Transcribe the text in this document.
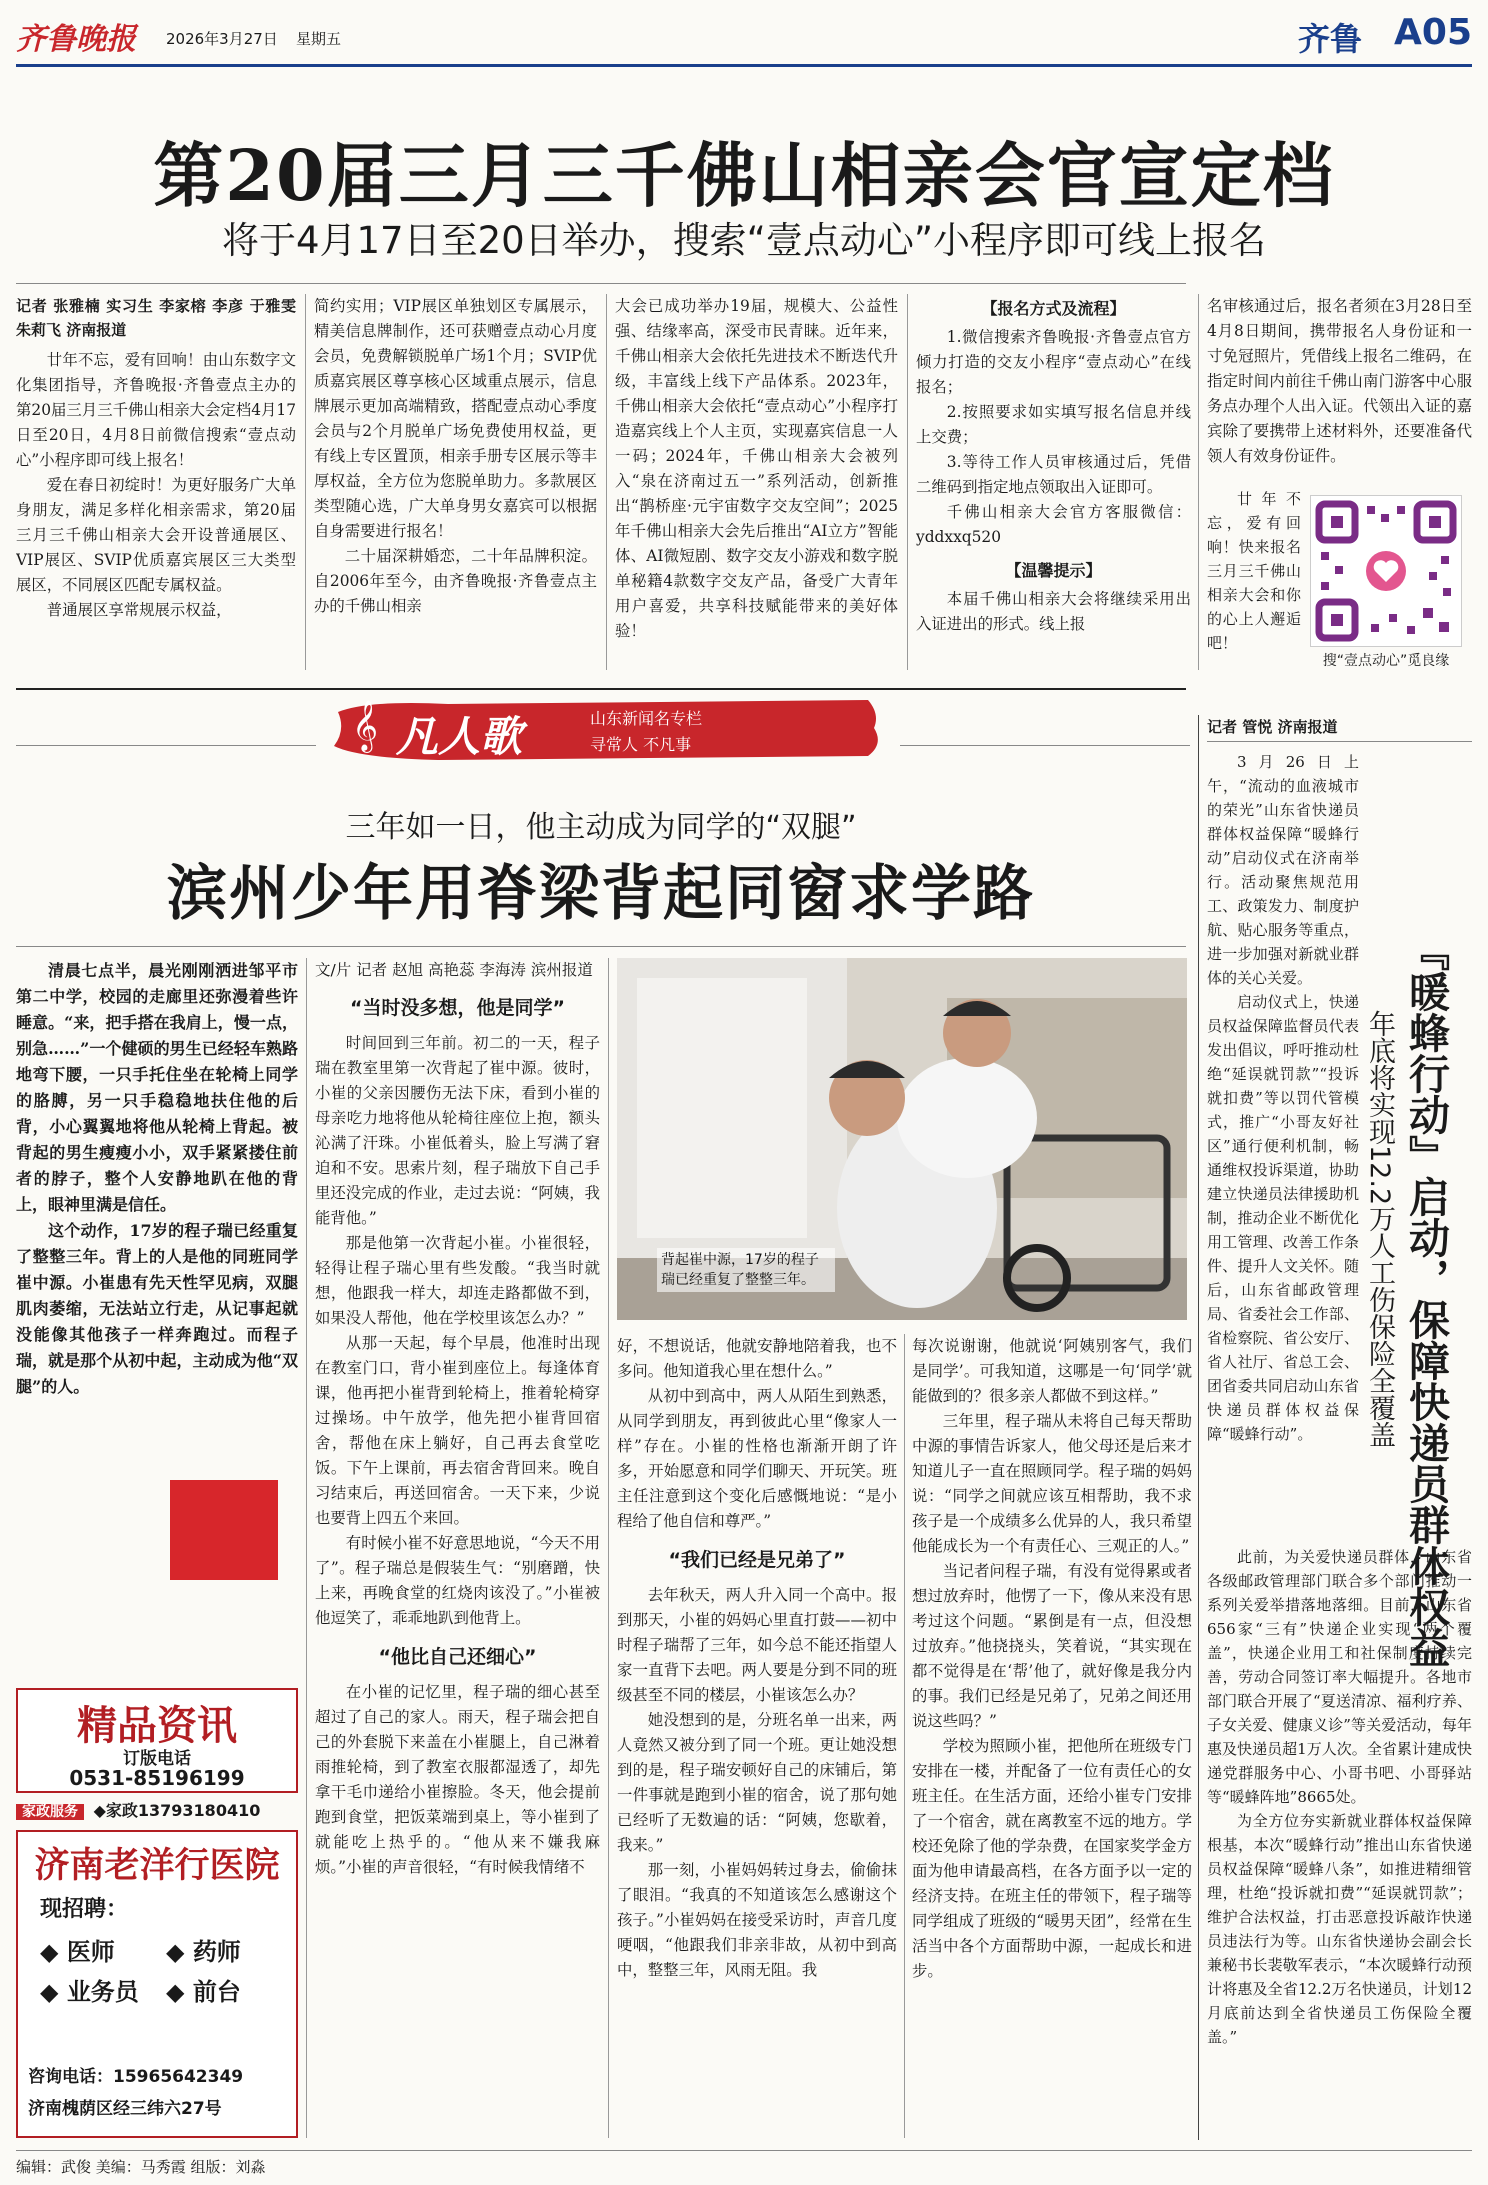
齐鲁晚报 2026年3月27日 星期五	齐鲁 A05
第20届三月三千佛山相亲会官宣定档
将于4月17日至20日举办，搜索“壹点动心”小程序即可线上报名

记者 张雅楠 实习生 李家榕 李彦 于雅雯 朱莉飞 济南报道

廿年不忘，爱有回响！由山东数字文化集团指导，齐鲁晚报·齐鲁壹点主办的第20届三月三千佛山相亲大会定档4月17日至20日，4月8日前微信搜索“壹点动心”小程序即可线上报名！

爱在春日初绽时！为更好服务广大单身朋友，满足多样化相亲需求，第20届三月三千佛山相亲大会开设普通展区、VIP展区、SVIP优质嘉宾展区三大类型展区，不同展区匹配专属权益。

普通展区享常规展示权益，

简约实用；VIP展区单独划区专属展示，精美信息牌制作，还可获赠壹点动心月度会员，免费解锁脱单广场1个月；SVIP优质嘉宾展区尊享核心区域重点展示，信息牌展示更加高端精致，搭配壹点动心季度会员与2个月脱单广场免费使用权益，更有线上专区置顶，相亲手册专区展示等丰厚权益，全方位为您脱单助力。多款展区类型随心选，广大单身男女嘉宾可以根据自身需要进行报名！

二十届深耕婚恋，二十年品牌积淀。自2006年至今，由齐鲁晚报·齐鲁壹点主办的千佛山相亲

大会已成功举办19届，规模大、公益性强、结缘率高，深受市民青睐。近年来，千佛山相亲大会依托先进技术不断迭代升级，丰富线上线下产品体系。2023年，千佛山相亲大会依托“壹点动心”小程序打造嘉宾线上个人主页，实现嘉宾信息一人一码；2024年，千佛山相亲大会被列入“泉在济南过五一”系列活动，创新推出“鹊桥座·元宇宙数字交友空间”；2025年千佛山相亲大会先后推出“AI立方”智能体、AI微短剧、数字交友小游戏和数字脱单秘籍4款数字交友产品，备受广大青年用户喜爱，共享科技赋能带来的美好体验！

【报名方式及流程】

1.微信搜索齐鲁晚报·齐鲁壹点官方倾力打造的交友小程序“壹点动心”在线报名；

2.按照要求如实填写报名信息并线上交费；

3.等待工作人员审核通过后，凭借二维码到指定地点领取出入证即可。

千佛山相亲大会官方客服微信：yddxxq520

【温馨提示】

本届千佛山相亲大会将继续采用出入证进出的形式。线上报

名审核通过后，报名者须在3月28日至4月8日期间，携带报名人身份证和一寸免冠照片，凭借线上报名二维码，在指定时间内前往千佛山南门游客中心服务点办理个人出入证。代领出入证的嘉宾除了要携带上述材料外，还要准备代领人有效身份证件。

廿年不忘，爱有回响！快来报名三月三千佛山相亲大会和你的心上人邂逅吧！

搜“壹点动心”觅良缘
𝄞 凡人歌	山东新闻名专栏
寻常人 不凡事
三年如一日，他主动成为同学的“双腿”
滨州少年用脊梁背起同窗求学路

清晨七点半，晨光刚刚洒进邹平市第二中学，校园的走廊里还弥漫着些许睡意。“来，把手搭在我肩上，慢一点，别急……”一个健硕的男生已经轻车熟路地弯下腰，一只手托住坐在轮椅上同学的胳膊，另一只手稳稳地扶住他的后背，小心翼翼地将他从轮椅上背起。被背起的男生瘦瘦小小，双手紧紧搂住前者的脖子，整个人安静地趴在他的背上，眼神里满是信任。

这个动作，17岁的程子瑞已经重复了整整三年。背上的人是他的同班同学崔中源。小崔患有先天性罕见病，双腿肌肉萎缩，无法站立行走，从记事起就没能像其他孩子一样奔跑过。而程子瑞，就是那个从初中起，主动成为他“双腿”的人。

文/片 记者 赵旭 高艳蕊 李海涛 滨州报道

“当时没多想，他是同学”

时间回到三年前。初二的一天，程子瑞在教室里第一次背起了崔中源。彼时，小崔的父亲因腰伤无法下床，看到小崔的母亲吃力地将他从轮椅往座位上抱，额头沁满了汗珠。小崔低着头，脸上写满了窘迫和不安。思索片刻，程子瑞放下自己手里还没完成的作业，走过去说：“阿姨，我能背他。”

那是他第一次背起小崔。小崔很轻，轻得让程子瑞心里有些发酸。“我当时就想，他跟我一样大，却连走路都做不到，如果没人帮他，他在学校里该怎么办？”

从那一天起，每个早晨，他准时出现在教室门口，背小崔到座位上。每逢体育课，他再把小崔背到轮椅上，推着轮椅穿过操场。中午放学，他先把小崔背回宿舍，帮他在床上躺好，自己再去食堂吃饭。下午上课前，再去宿舍背回来。晚自习结束后，再送回宿舍。一天下来，少说也要背上四五个来回。

有时候小崔不好意思地说，“今天不用了”。程子瑞总是假装生气：“别磨蹭，快上来，再晚食堂的红烧肉该没了。”小崔被他逗笑了，乖乖地趴到他背上。

“他比自己还细心”

在小崔的记忆里，程子瑞的细心甚至超过了自己的家人。雨天，程子瑞会把自己的外套脱下来盖在小崔腿上，自己淋着雨推轮椅，到了教室衣服都湿透了，却先拿干毛巾递给小崔擦脸。冬天，他会提前跑到食堂，把饭菜端到桌上，等小崔到了就能吃上热乎的。“他从来不嫌我麻烦。”小崔的声音很轻，“有时候我情绪不

背起崔中源，17岁的程子瑞已经重复了整整三年。

好，不想说话，他就安静地陪着我，也不多问。他知道我心里在想什么。”

从初中到高中，两人从陌生到熟悉，从同学到朋友，再到彼此心里“像家人一样”存在。小崔的性格也渐渐开朗了许多，开始愿意和同学们聊天、开玩笑。班主任注意到这个变化后感慨地说：“是小程给了他自信和尊严。”

“我们已经是兄弟了”

去年秋天，两人升入同一个高中。报到那天，小崔的妈妈心里直打鼓——初中时程子瑞帮了三年，如今总不能还指望人家一直背下去吧。两人要是分到不同的班级甚至不同的楼层，小崔该怎么办？

她没想到的是，分班名单一出来，两人竟然又被分到了同一个班。更让她没想到的是，程子瑞安顿好自己的床铺后，第一件事就是跑到小崔的宿舍，说了那句她已经听了无数遍的话：“阿姨，您歇着，我来。”

那一刻，小崔妈妈转过身去，偷偷抹了眼泪。“我真的不知道该怎么感谢这个孩子。”小崔妈妈在接受采访时，声音几度哽咽，“他跟我们非亲非故，从初中到高中，整整三年，风雨无阻。我

每次说谢谢，他就说‘阿姨别客气，我们是同学’。可我知道，这哪是一句‘同学’就能做到的？很多亲人都做不到这样。”

三年里，程子瑞从未将自己每天帮助中源的事情告诉家人，他父母还是后来才知道儿子一直在照顾同学。程子瑞的妈妈说：“同学之间就应该互相帮助，我不求孩子是一个成绩多么优异的人，我只希望他能成长为一个有责任心、三观正的人。”

当记者问程子瑞，有没有觉得累或者想过放弃时，他愣了一下，像从来没有思考过这个问题。“累倒是有一点，但没想过放弃。”他挠挠头，笑着说，“其实现在都不觉得是在‘帮’他了，就好像是我分内的事。我们已经是兄弟了，兄弟之间还用说这些吗？”

学校为照顾小崔，把他所在班级专门安排在一楼，并配备了一位有责任心的女班主任。在生活方面，还给小崔专门安排了一个宿舍，就在离教室不远的地方。学校还免除了他的学杂费，在国家奖学金方面为他申请最高档，在各方面予以一定的经济支持。在班主任的带领下，程子瑞等同学组成了班级的“暖男天团”，经常在生活当中各个方面帮助中源，一起成长和进步。

记者 管悦 济南报道

3月26日上午，“流动的血液城市的荣光”山东省快递员群体权益保障“暖蜂行动”启动仪式在济南举行。活动聚焦规范用工、政策发力、制度护航、贴心服务等重点，进一步加强对新就业群体的关心关爱。

启动仪式上，快递员权益保障监督员代表发出倡议，呼吁推动杜绝“延误就罚款”“投诉就扣费”等以罚代管模式，推广“小哥友好社区”通行便利机制，畅通维权投诉渠道，协助建立快递员法律援助机制，推动企业不断优化用工管理、改善工作条件、提升人文关怀。随后，山东省邮政管理局、省委社会工作部、省检察院、省公安厅、省人社厅、省总工会、团省委共同启动山东省快递员群体权益保障“暖蜂行动”。	『暖蜂行动』启动，保障快递员群体权益
年底将实现12.2万人工伤保险全覆盖

此前，为关爱快递员群体，山东省各级邮政管理部门联合多个部门推动一系列关爱举措落地落细。目前，山东省656家“三有”快递企业实现“两个覆盖”，快递企业用工和社保制度持续完善，劳动合同签订率大幅提升。各地市部门联合开展了“夏送清凉、福利疗养、子女关爱、健康义诊”等关爱活动，每年惠及快递员超1万人次。全省累计建成快递党群服务中心、小哥书吧、小哥驿站等“暖蜂阵地”8665处。

为全方位夯实新就业群体权益保障根基，本次“暖蜂行动”推出山东省快递员权益保障“暖蜂八条”，如推进精细管理，杜绝“投诉就扣费”“延误就罚款”；维护合法权益，打击恶意投诉敲诈快递员违法行为等。山东省快递协会副会长兼秘书长裴敬军表示，“本次暖蜂行动预计将惠及全省12.2万名快递员，计划12月底前达到全省快递员工伤保险全覆盖。”

精品资讯
订版电话
0531-85196199
家政服务 ◆家政13793180410
济南老洋行医院
现招聘：
◆ 医师 ◆ 药师
◆ 业务员 ◆ 前台
咨询电话：15965642349
济南槐荫区经三纬六27号
编辑：武俊 美编：马秀霞 组版：刘淼
